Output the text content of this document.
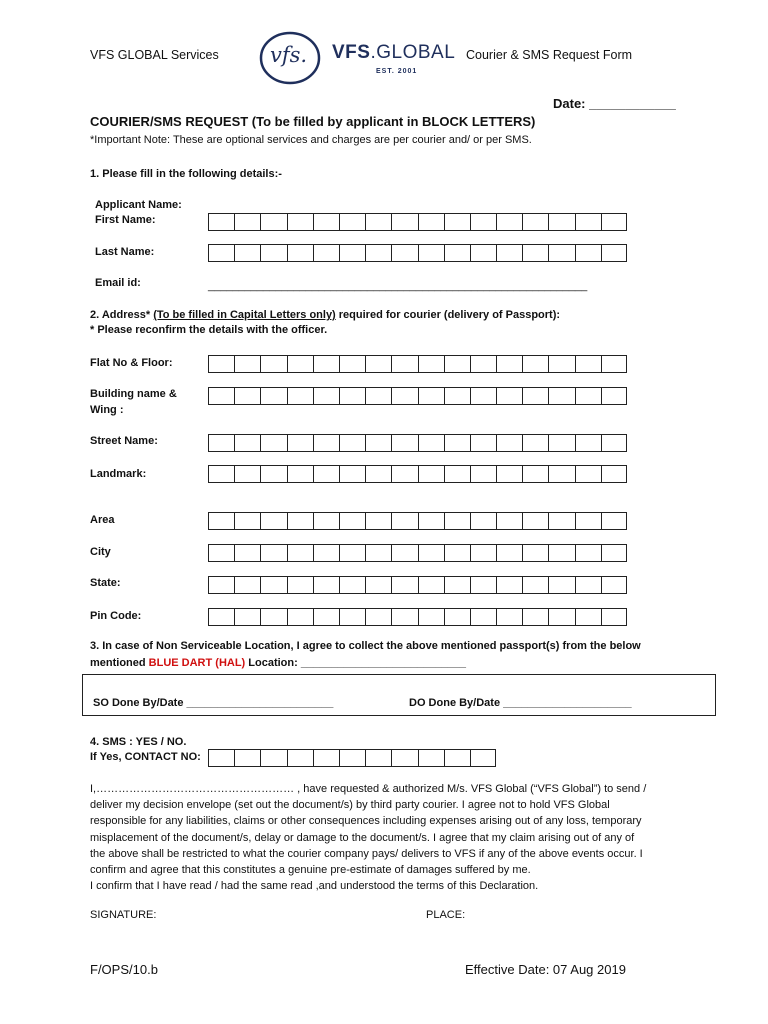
VFS GLOBAL Services vfs. VFS.GLOBAL
EST. 2001
Courier & SMS Request Form
Date: ____________
COURIER/SMS REQUEST (To be filled by applicant in BLOCK LETTERS)
*Important Note: These are optional services and charges are per courier and/ or per SMS.
1. Please fill in the following details:-
Applicant Name:
First Name:
Last Name:
Email id:	______________________________________________________________
2. Address* (To be filled in Capital Letters only) required for courier (delivery of Passport):
* Please reconfirm the details with the officer.
Flat No & Floor:
Building name &
Wing :
Street Name:
Landmark:
Area
City
State:
Pin Code:
3. In case of Non Serviceable Location, I agree to collect the above mentioned passport(s) from the below
mentioned BLUE DART (HAL) Location: ___________________________
SO Done By/Date ________________________	DO Done By/Date _____________________
4. SMS : YES / NO.
If Yes, CONTACT NO:
I,……………………………………………… , have requested & authorized M/s. VFS Global (“VFS Global”) to send /
deliver my decision envelope (set out the document/s) by third party courier. I agree not to hold VFS Global
responsible for any liabilities, claims or other consequences including expenses arising out of any loss, temporary
misplacement of the document/s, delay or damage to the document/s. I agree that my claim arising out of any of
the above shall be restricted to what the courier company pays/ delivers to VFS if any of the above events occur. I
confirm and agree that this constitutes a genuine pre-estimate of damages suffered by me.
I confirm that I have read / had the same read ,and understood the terms of this Declaration.
SIGNATURE:	PLACE:
F/OPS/10.b	Effective Date: 07 Aug 2019
